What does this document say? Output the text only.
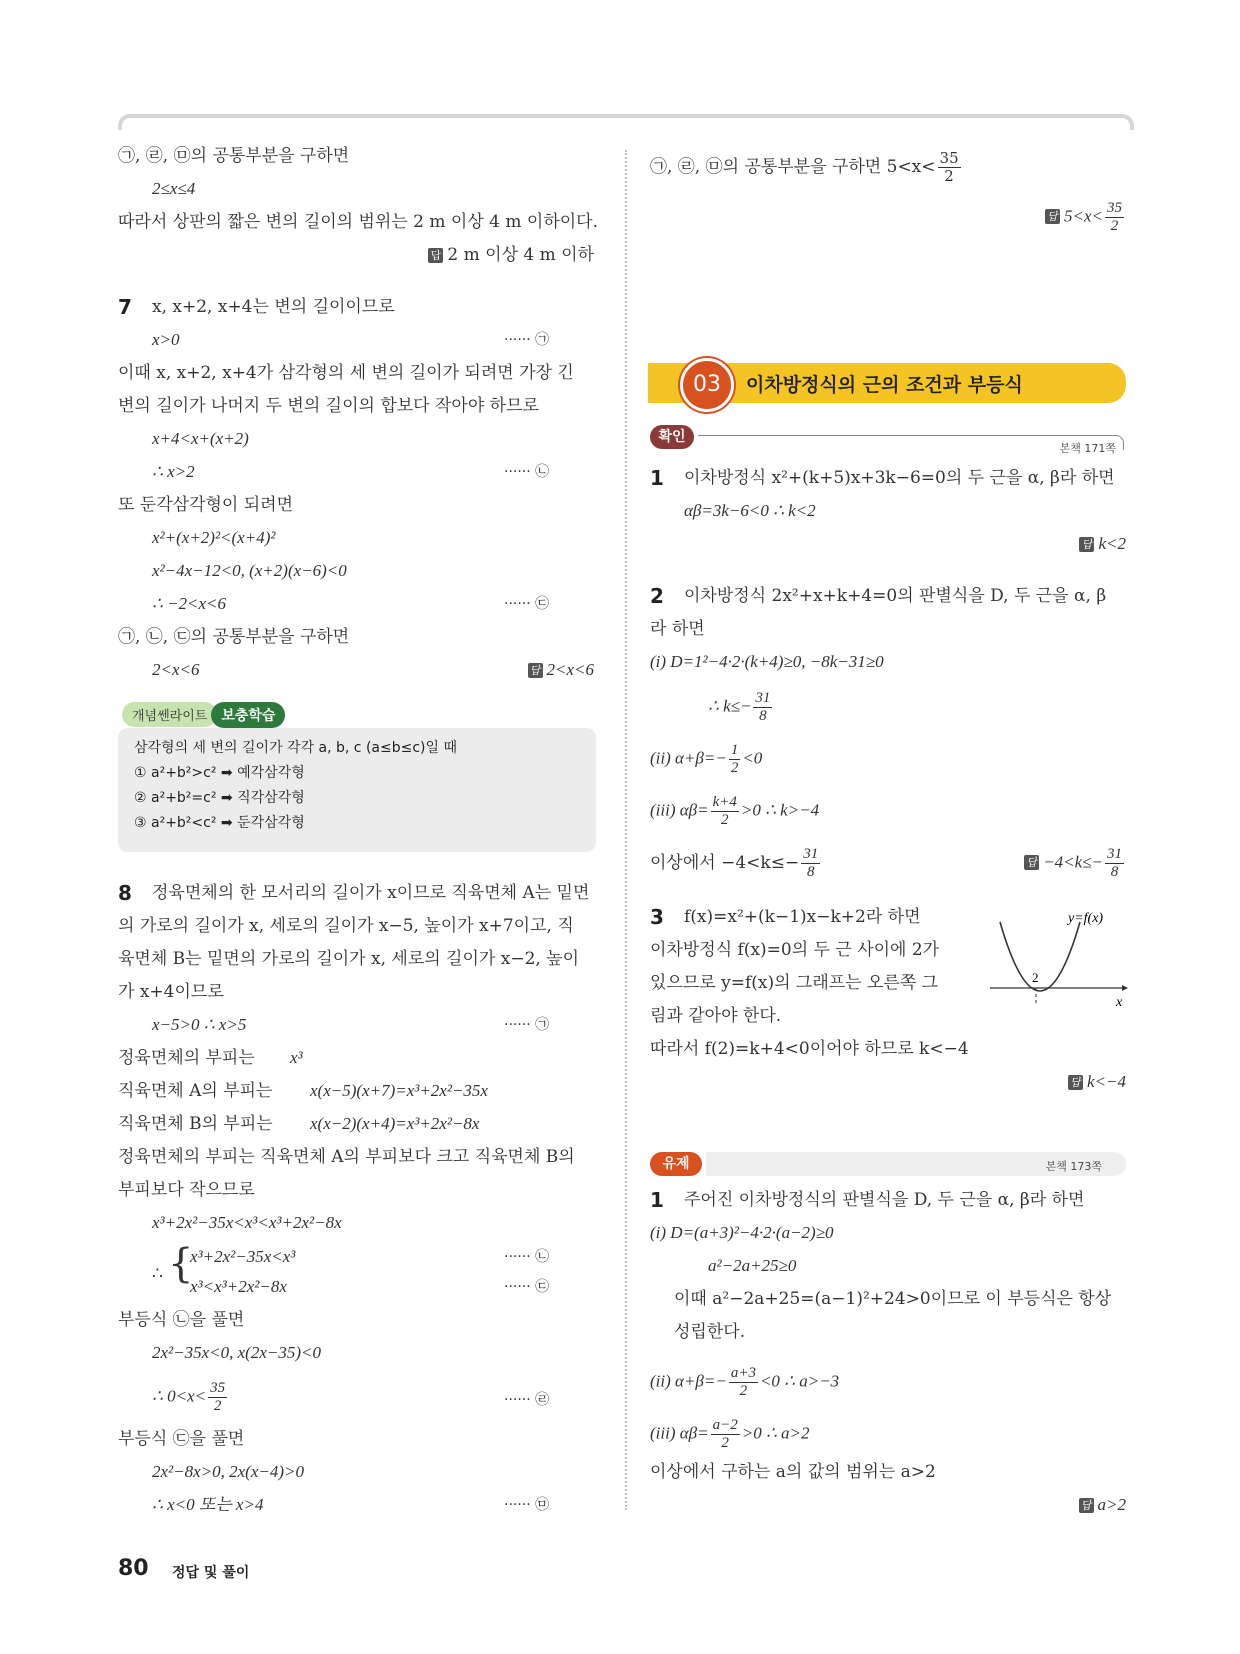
㉠, ㉣, ㉤의 공통부분을 구하면
2≤x≤4
따라서 상판의 짧은 변의 길이의 범위는 2 m 이상 4 m 이하이다.
답 2 m 이상 4 m 이하
7 x, x+2, x+4는 변의 길이이므로
x>0	······ ㉠
이때 x, x+2, x+4가 삼각형의 세 변의 길이가 되려면 가장 긴
변의 길이가 나머지 두 변의 길이의 합보다 작아야 하므로
x+4<x+(x+2)
∴ x>2	······ ㉡
또 둔각삼각형이 되려면
x²+(x+2)²<(x+4)²
x²−4x−12<0, (x+2)(x−6)<0
∴ −2<x<6	······ ㉢
㉠, ㉡, ㉢의 공통부분을 구하면
2<x<6	답 2<x<6
개념쎈라이트 보충학습
삼각형의 세 변의 길이가 각각 a, b, c (a≤b≤c)일 때
① a²+b²>c² ➡ 예각삼각형
② a²+b²=c² ➡ 직각삼각형
③ a²+b²<c² ➡ 둔각삼각형
8 정육면체의 한 모서리의 길이가 x이므로 직육면체 A는 밑면
의 가로의 길이가 x, 세로의 길이가 x−5, 높이가 x+7이고, 직
육면체 B는 밑면의 가로의 길이가 x, 세로의 길이가 x−2, 높이
가 x+4이므로
x−5>0 ∴ x>5	······ ㉠
정육면체의 부피는 x³
직육면체 A의 부피는 x(x−5)(x+7)=x³+2x²−35x
직육면체 B의 부피는 x(x−2)(x+4)=x³+2x²−8x
정육면체의 부피는 직육면체 A의 부피보다 크고 직육면체 B의
부피보다 작으므로
x³+2x²−35x<x³<x³+2x²−8x
∴ {
x³+2x²−35x<x³	······ ㉡
x³<x³+2x²−8x	······ ㉢
부등식 ㉡을 풀면
2x²−35x<0, x(2x−35)<0
∴ $0<x< \frac{35}{2}$	······ ㉣
부등식 ㉢을 풀면
2x²−8x>0, 2x(x−4)>0
∴ x<0 또는 x>4	······ ㉤
㉠, ㉣, ㉤의 공통부분을 구하면 $5<x< \frac{35}{2}$
답 $5<x< \frac{35}{2}$
03	이차방정식의 근의 조건과 부등식
확인
본책 171쪽
1 이차방정식 x²+(k+5)x+3k−6=0의 두 근을 α, β라 하면
αβ=3k−6<0 ∴ k<2
답 k<2
2 이차방정식 2x²+x+k+4=0의 판별식을 D, 두 근을 α, β
라 하면
(i) D=1²−4·2·(k+4)≥0, −8k−31≥0
∴ $k\le- \frac{31}{8}$
(ii) $\alpha+\beta=- \frac{1}{2} <0$
(iii) $\alpha\beta= \frac{k+4}{2} >0$ ∴ k>−4
이상에서 $-4<k\le- \frac{31}{8}$	답 $-4<k\le- \frac{31}{8}$
3 f(x)=x²+(k−1)x−k+2라 하면
이차방정식 f(x)=0의 두 근 사이에 2가
있으므로 y=f(x)의 그래프는 오른쪽 그
림과 같아야 한다.
따라서 f(2)=k+4<0이어야 하므로 k<−4
답 k<−4
2
x
y=f(x)
유제	본책 173쪽
1 주어진 이차방정식의 판별식을 D, 두 근을 α, β라 하면
(i) D=(a+3)²−4·2·(a−2)≥0
a²−2a+25≥0
이때 a²−2a+25=(a−1)²+24>0이므로 이 부등식은 항상
성립한다.
(ii) $\alpha+\beta=- \frac{a+3}{2} <0$ ∴ a>−3
(iii) $\alpha\beta= \frac{a-2}{2} >0$ ∴ a>2
이상에서 구하는 a의 값의 범위는 a>2
답 a>2
80 정답 및 풀이
